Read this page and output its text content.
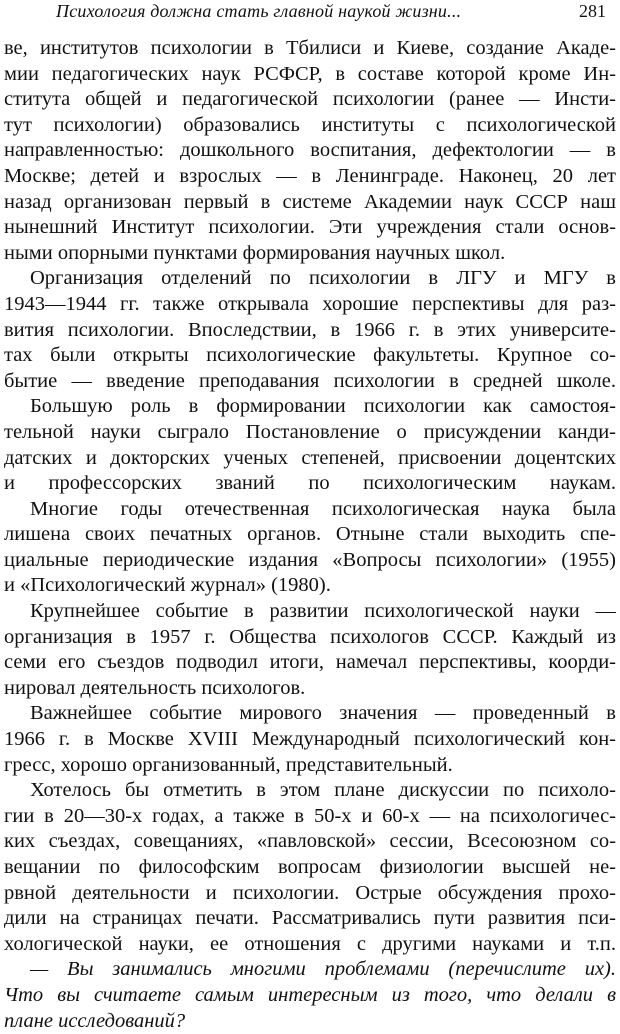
Психология должна стать главной наукой жизни...	281
ве, институтов психологии в Тбилиси и Киеве, создание Акаде-
мии педагогических наук РСФСР, в составе которой кроме Ин-
ститута общей и педагогической психологии (ранее — Инсти-
тут психологии) образовались институты с психологической
направленностью: дошкольного воспитания, дефектологии — в
Москве; детей и взрослых — в Ленинграде. Наконец, 20 лет
назад организован первый в системе Академии наук СССР наш
нынешний Институт психологии. Эти учреждения стали основ-
ными опорными пунктами формирования научных школ.
Организация отделений по психологии в ЛГУ и МГУ в
1943—1944 гг. также открывала хорошие перспективы для раз-
вития психологии. Впоследствии, в 1966 г. в этих университе-
тах были открыты психологические факультеты. Крупное со-
бытие — введение преподавания психологии в средней школе.
Большую роль в формировании психологии как самостоя-
тельной науки сыграло Постановление о присуждении канди-
датских и докторских ученых степеней, присвоении доцентских
и профессорских званий по психологическим наукам.
Многие годы отечественная психологическая наука была
лишена своих печатных органов. Отныне стали выходить спе-
циальные периодические издания «Вопросы психологии» (1955)
и «Психологический журнал» (1980).
Крупнейшее событие в развитии психологической науки —
организация в 1957 г. Общества психологов СССР. Каждый из
семи его съездов подводил итоги, намечал перспективы, коорди-
нировал деятельность психологов.
Важнейшее событие мирового значения — проведенный в
1966 г. в Москве XVIII Международный психологический кон-
гресс, хорошо организованный, представительный.
Хотелось бы отметить в этом плане дискуссии по психоло-
гии в 20—30-х годах, а также в 50-х и 60-х — на психологичес-
ких съездах, совещаниях, «павловской» сессии, Всесоюзном со-
вещании по философским вопросам физиологии высшей не-
рвной деятельности и психологии. Острые обсуждения прохо-
дили на страницах печати. Рассматривались пути развития пси-
хологической науки, ее отношения с другими науками и т.п.
— Вы занимались многими проблемами (перечислите их).
Что вы считаете самым интересным из того, что делали в
плане исследований?
